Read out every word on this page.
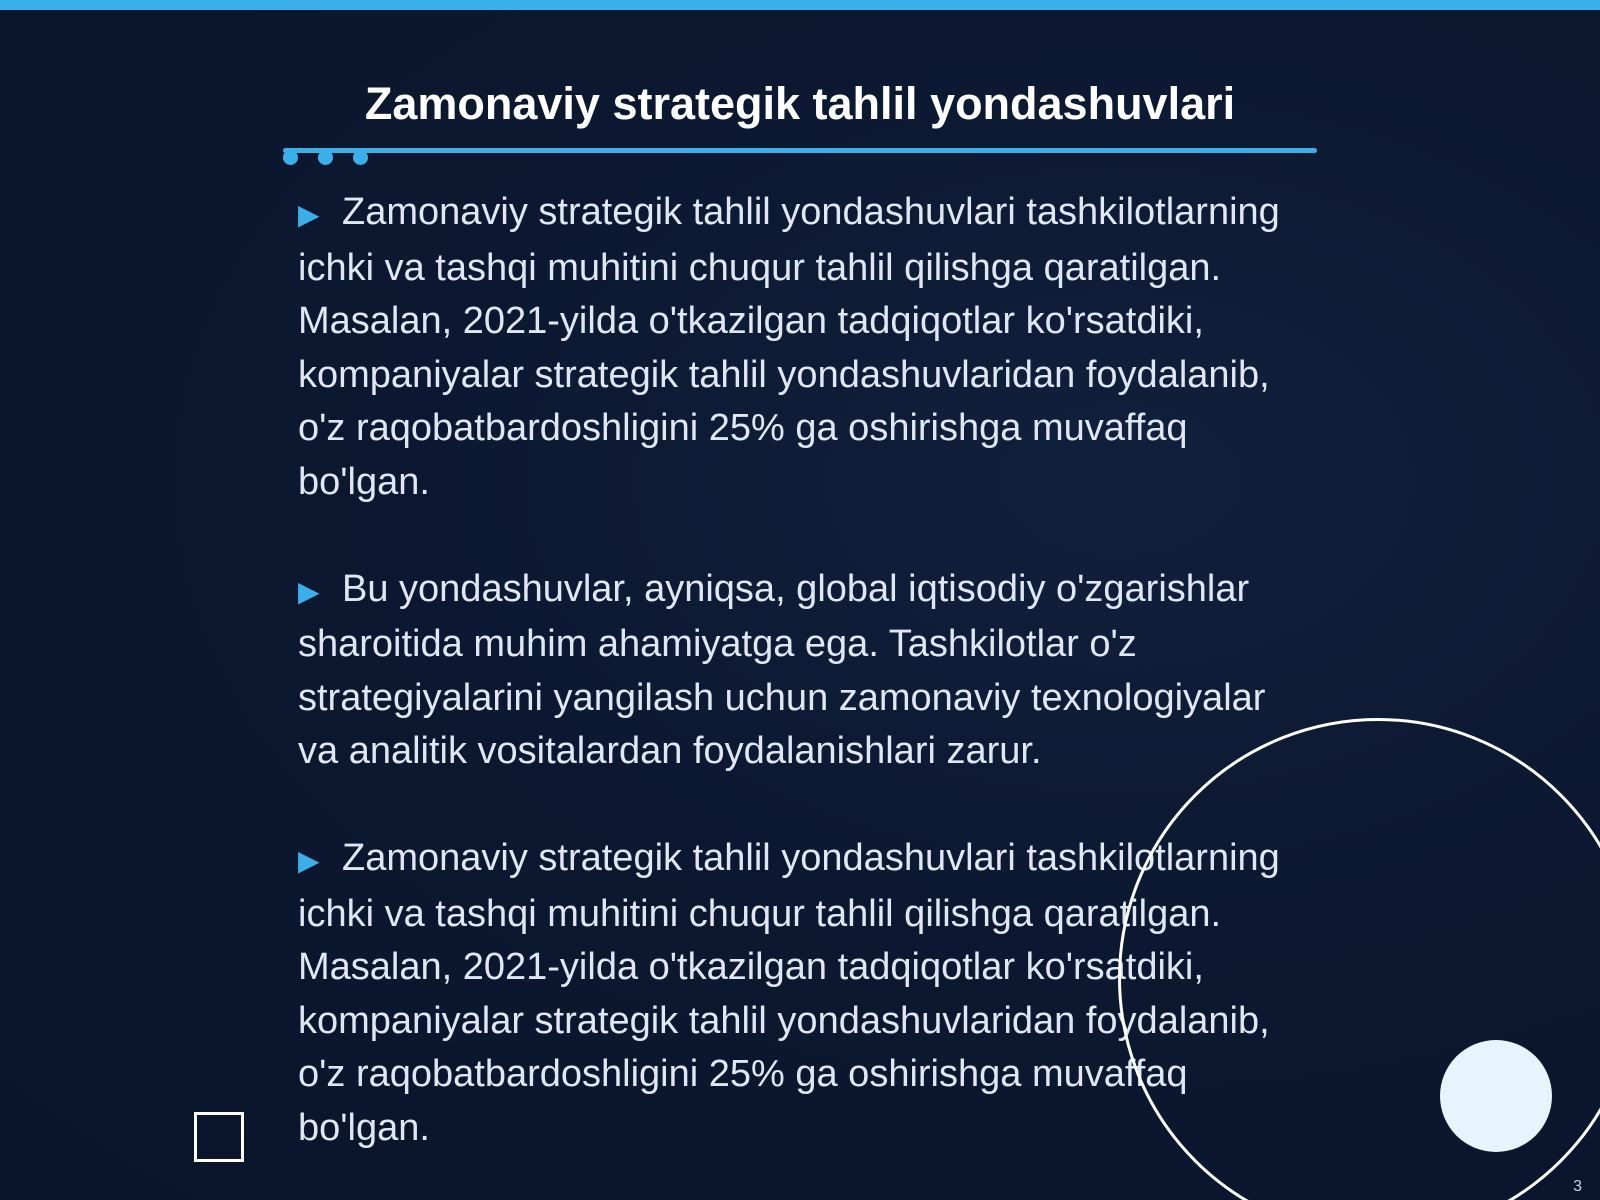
Zamonaviy strategik tahlil yondashuvlari

▶ Zamonaviy strategik tahlil yondashuvlari tashkilotlarning ichki va tashqi muhitini chuqur tahlil qilishga qaratilgan. Masalan, 2021-yilda o'tkazilgan tadqiqotlar ko'rsatdiki, kompaniyalar strategik tahlil yondashuvlaridan foydalanib, o'z raqobatbardoshligini 25% ga oshirishga muvaffaq bo'lgan.

▶ Bu yondashuvlar, ayniqsa, global iqtisodiy o'zgarishlar sharoitida muhim ahamiyatga ega. Tashkilotlar o'z strategiyalarini yangilash uchun zamonaviy texnologiyalar va analitik vositalardan foydalanishlari zarur.

▶ Zamonaviy strategik tahlil yondashuvlari tashkilotlarning ichki va tashqi muhitini chuqur tahlil qilishga qaratilgan. Masalan, 2021-yilda o'tkazilgan tadqiqotlar ko'rsatdiki, kompaniyalar strategik tahlil yondashuvlaridan foydalanib, o'z raqobatbardoshligini 25% ga oshirishga muvaffaq bo'lgan.

3
